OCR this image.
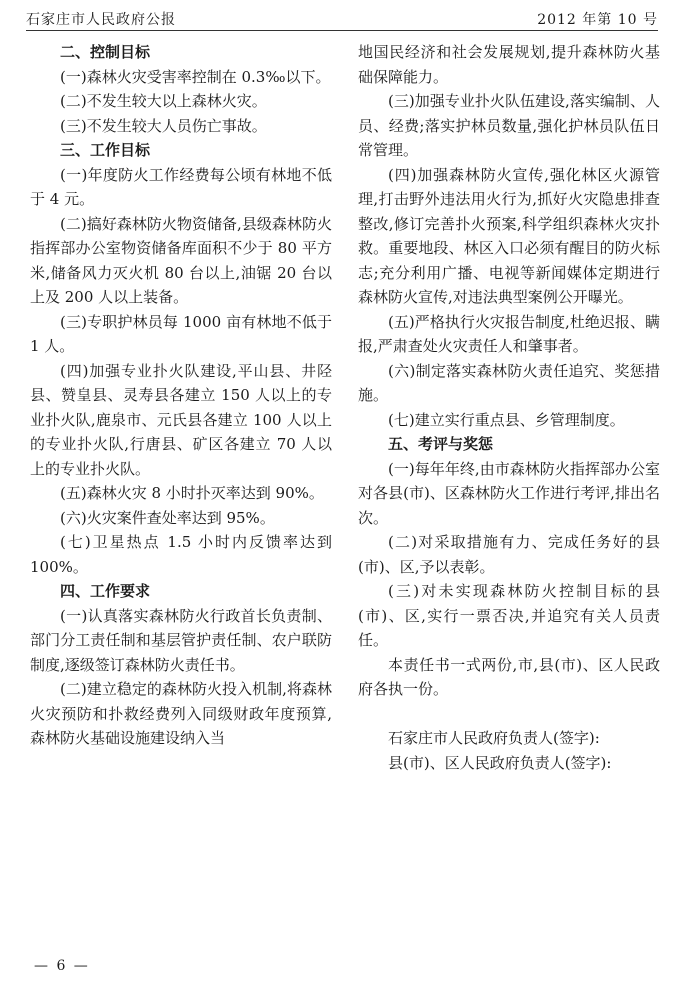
石家庄市人民政府公报	2012 年第 10 号

二、控制目标

(一)森林火灾受害率控制在 0.3‰以下。

(二)不发生较大以上森林火灾。

(三)不发生较大人员伤亡事故。

三、工作目标

(一)年度防火工作经费每公顷有林地不低于 4 元。

(二)搞好森林防火物资储备,县级森林防火指挥部办公室物资储备库面积不少于 80 平方米,储备风力灭火机 80 台以上,油锯 20 台以上及 200 人以上装备。

(三)专职护林员每 1000 亩有林地不低于 1 人。

(四)加强专业扑火队建设,平山县、井陉县、赞皇县、灵寿县各建立 150 人以上的专业扑火队,鹿泉市、元氏县各建立 100 人以上的专业扑火队,行唐县、矿区各建立 70 人以上的专业扑火队。

(五)森林火灾 8 小时扑灭率达到 90%。

(六)火灾案件查处率达到 95%。

(七)卫星热点 1.5 小时内反馈率达到 100%。

四、工作要求

(一)认真落实森林防火行政首长负责制、部门分工责任制和基层管护责任制、农户联防制度,逐级签订森林防火责任书。

(二)建立稳定的森林防火投入机制,将森林火灾预防和扑救经费列入同级财政年度预算,森林防火基础设施建设纳入当

地国民经济和社会发展规划,提升森林防火基础保障能力。

(三)加强专业扑火队伍建设,落实编制、人员、经费;落实护林员数量,强化护林员队伍日常管理。

(四)加强森林防火宣传,强化林区火源管理,打击野外违法用火行为,抓好火灾隐患排查整改,修订完善扑火预案,科学组织森林火灾扑救。重要地段、林区入口必须有醒目的防火标志;充分利用广播、电视等新闻媒体定期进行森林防火宣传,对违法典型案例公开曝光。

(五)严格执行火灾报告制度,杜绝迟报、瞒报,严肃查处火灾责任人和肇事者。

(六)制定落实森林防火责任追究、奖惩措施。

(七)建立实行重点县、乡管理制度。

五、考评与奖惩

(一)每年年终,由市森林防火指挥部办公室对各县(市)、区森林防火工作进行考评,排出名次。

(二)对采取措施有力、完成任务好的县(市)、区,予以表彰。

(三)对未实现森林防火控制目标的县(市)、区,实行一票否决,并追究有关人员责任。

本责任书一式两份,市,县(市)、区人民政府各执一份。

石家庄市人民政府负责人(签字):

县(市)、区人民政府负责人(签字):

— 6 —
